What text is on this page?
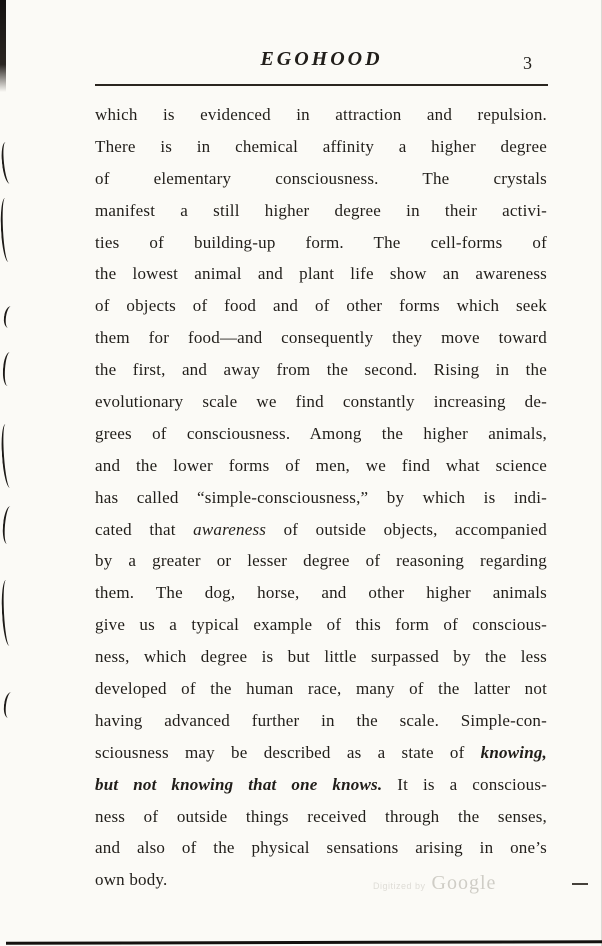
EGOHOOD	3
which is evidenced in attraction and repulsion.
There is in chemical affinity a higher degree
of elementary consciousness. The crystals
manifest a still higher degree in their activi-
ties of building-up form. The cell-forms of
the lowest animal and plant life show an awareness
of objects of food and of other forms which seek
them for food—and consequently they move toward
the first, and away from the second. Rising in the
evolutionary scale we find constantly increasing de-
grees of consciousness. Among the higher animals,
and the lower forms of men, we find what science
has called “simple-consciousness,” by which is indi-
cated that awareness of outside objects, accompanied
by a greater or lesser degree of reasoning regarding
them. The dog, horse, and other higher animals
give us a typical example of this form of conscious-
ness, which degree is but little surpassed by the less
developed of the human race, many of the latter not
having advanced further in the scale. Simple-con-
sciousness may be described as a state of knowing,
but not knowing that one knows. It is a conscious-
ness of outside things received through the senses,
and also of the physical sensations arising in one’s
own body.	Digitized by Google
